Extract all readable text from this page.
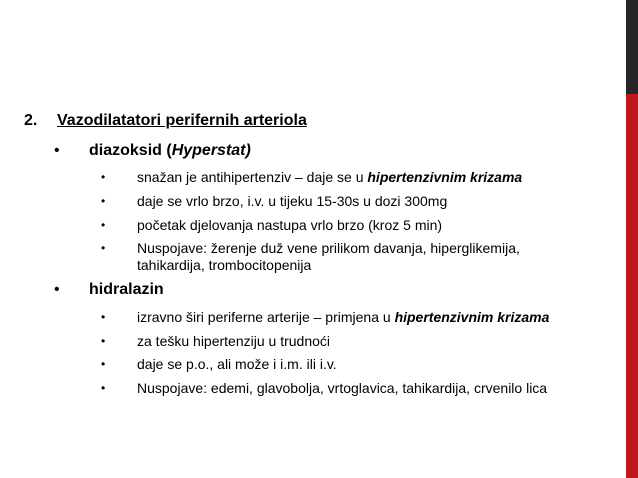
2. Vazodilatatori perifernih arteriola
• diazoksid (Hyperstat)
• snažan je antihipertenziv – daje se u hipertenzivnim krizama
• daje se vrlo brzo, i.v. u tijeku 15-30s u dozi 300mg
• početak djelovanja nastupa vrlo brzo (kroz 5 min)
• Nuspojave: žerenje duž vene prilikom davanja, hiperglikemija,
tahikardija, trombocitopenija
• hidralazin
• izravno širi periferne arterije – primjena u hipertenzivnim krizama
• za tešku hipertenziju u trudnoći
• daje se p.o., ali može i i.m. ili i.v.
• Nuspojave: edemi, glavobolja, vrtoglavica, tahikardija, crvenilo lica
